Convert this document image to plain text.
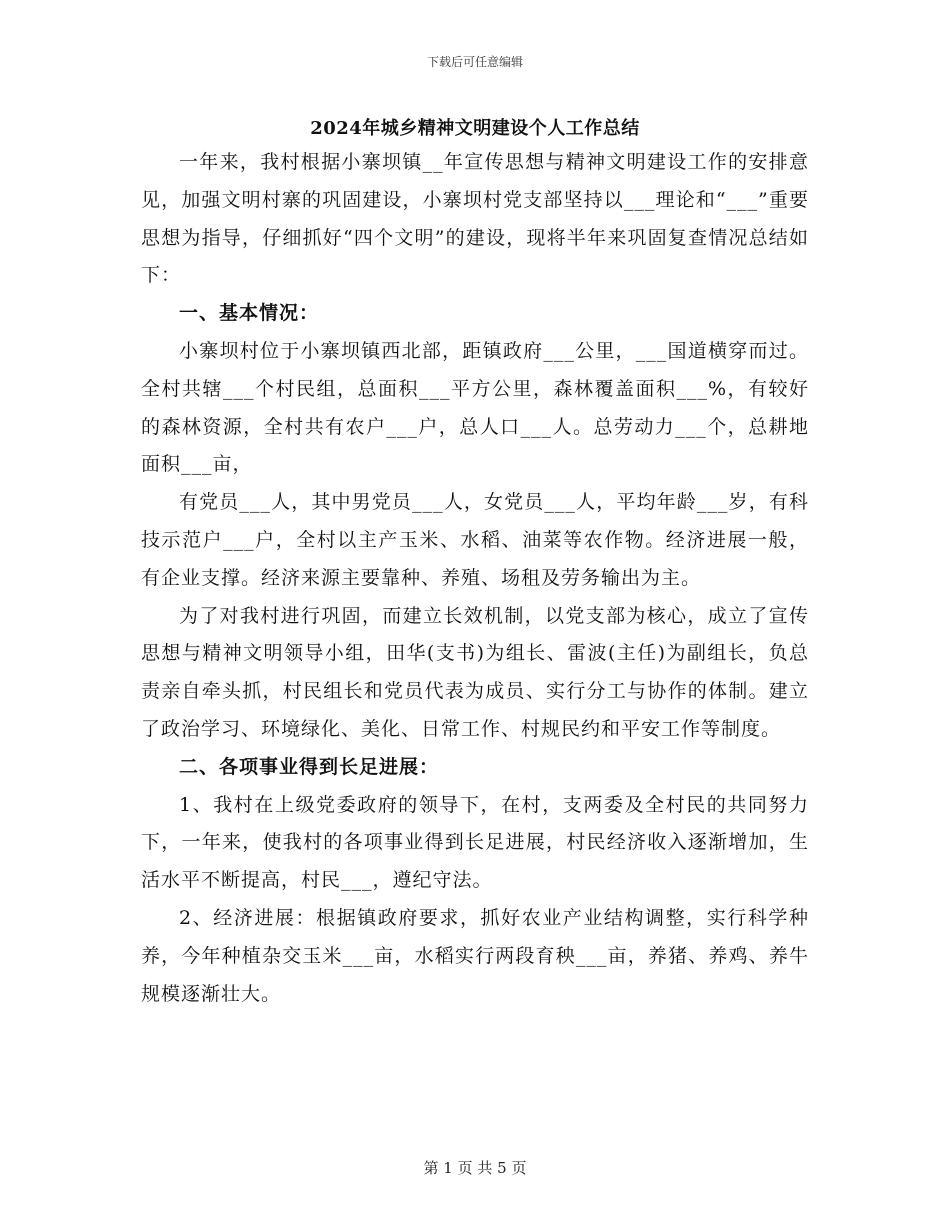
下载后可任意编辑
2024年城乡精神文明建设个人工作总结

一年来，我村根据小寨坝镇__年宣传思想与精神文明建设工作的安排意见，加强文明村寨的巩固建设，小寨坝村党支部坚持以___理论和“___”重要思想为指导，仔细抓好“四个文明”的建设，现将半年来巩固复查情况总结如下：

一、基本情况：

小寨坝村位于小寨坝镇西北部，距镇政府___公里，___国道横穿而过。全村共辖___个村民组，总面积___平方公里，森林覆盖面积___%，有较好的森林资源，全村共有农户___户，总人口___人。总劳动力___个，总耕地面积___亩，

有党员___人，其中男党员___人，女党员___人，平均年龄___岁，有科技示范户___户，全村以主产玉米、水稻、油菜等农作物。经济进展一般，有企业支撑。经济来源主要靠种、养殖、场租及劳务输出为主。

为了对我村进行巩固，而建立长效机制，以党支部为核心，成立了宣传思想与精神文明领导小组，田华(支书)为组长、雷波(主任)为副组长，负总责亲自牵头抓，村民组长和党员代表为成员、实行分工与协作的体制。建立了政治学习、环境绿化、美化、日常工作、村规民约和平安工作等制度。

二、各项事业得到长足进展：

1、我村在上级党委政府的领导下，在村，支两委及全村民的共同努力下，一年来，使我村的各项事业得到长足进展，村民经济收入逐渐增加，生活水平不断提高，村民___，遵纪守法。

2、经济进展：根据镇政府要求，抓好农业产业结构调整，实行科学种养，今年种植杂交玉米___亩，水稻实行两段育秧___亩，养猪、养鸡、养牛规模逐渐壮大。

第 1 页 共 5 页
